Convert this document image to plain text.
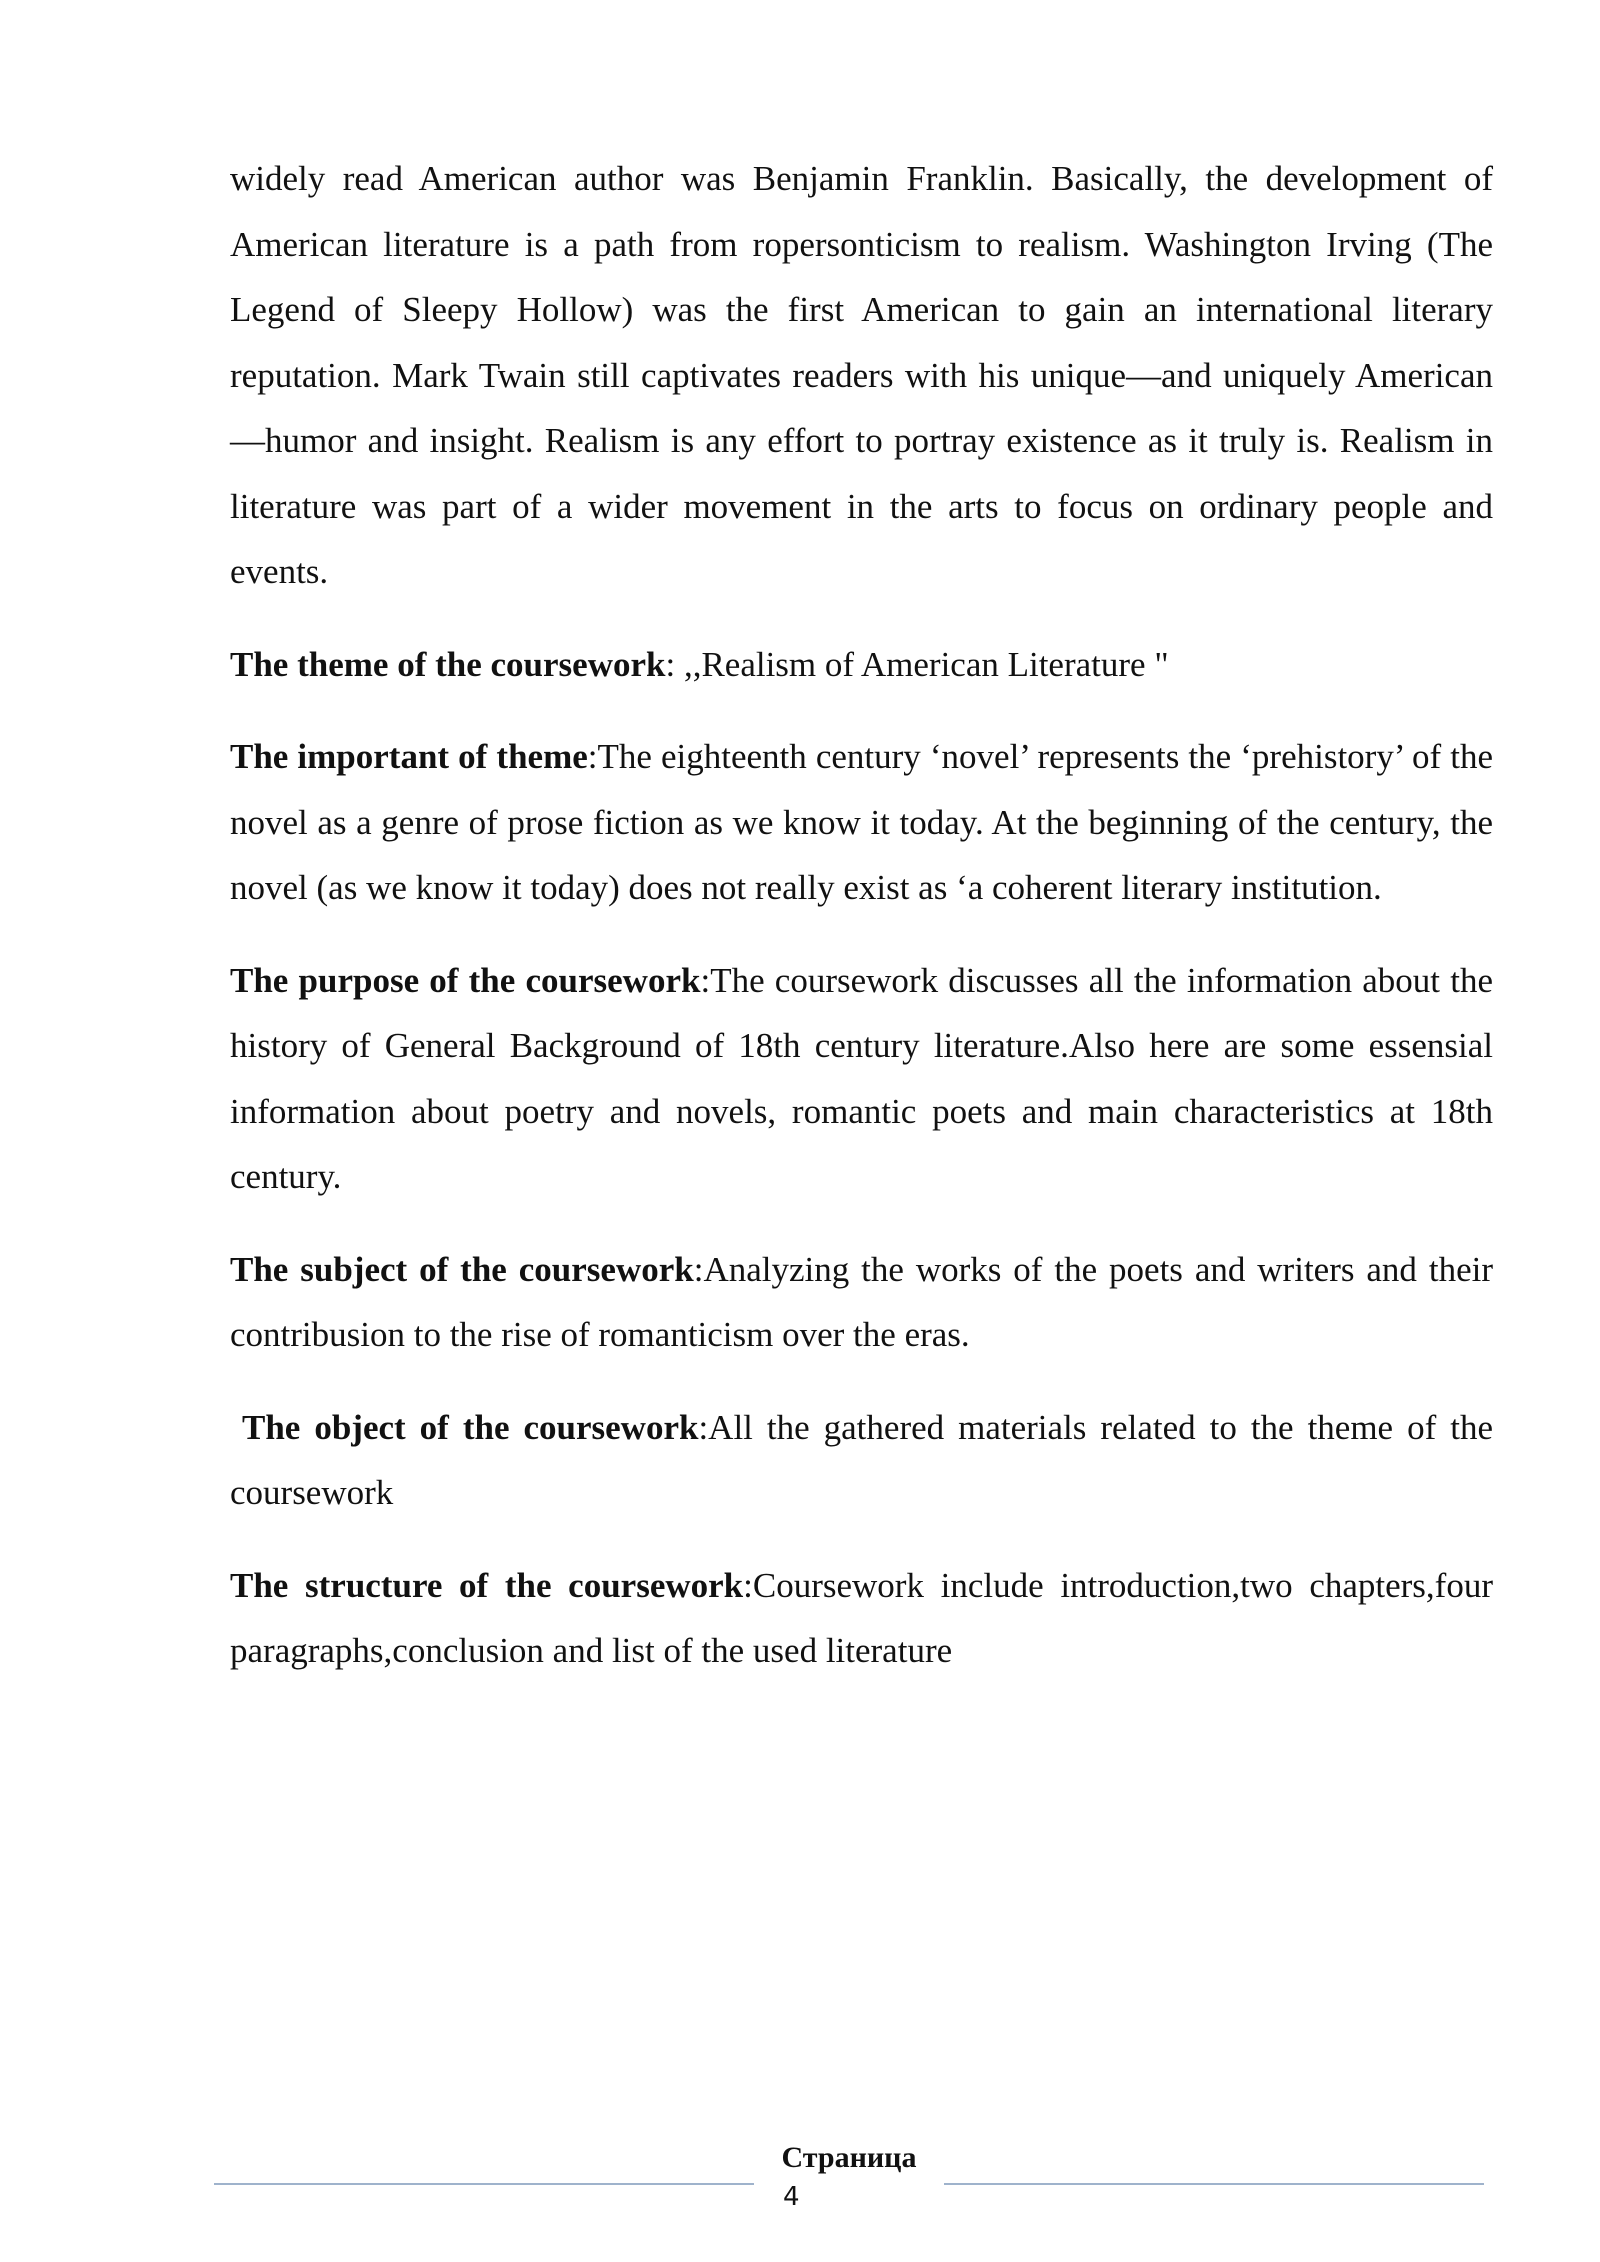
widely read American author was Benjamin Franklin. Basically, the development of American literature is a path from ropersonticism to realism. Washington Irving (The Legend of Sleepy Hollow) was the first American to gain an international literary reputation. Mark Twain still captivates readers with his unique—and uniquely American—humor and insight. Realism is any effort to portray existence as it truly is. Realism in literature was part of a wider movement in the arts to focus on ordinary people and events.

The theme of the coursework: ,,Realism of American Literature "

The important of theme:The eighteenth century ‘novel’ represents the ‘prehistory’ of the novel as a genre of prose fiction as we know it today. At the beginning of the century, the novel (as we know it today) does not really exist as ‘a coherent literary institution.

The purpose of the coursework:The coursework discusses all the information about the history of General Background of 18th century literature.Also here are some essensial information about poetry and novels, romantic poets and main characteristics at 18th century.

The subject of the coursework:Analyzing the works of the poets and writers and their contribusion to the rise of romanticism over the eras.

The object of the coursework:All the gathered materials related to the theme of the coursework

The structure of the coursework:Coursework include introduction,two chapters,four paragraphs,conclusion and list of the used literature

Страница
4
